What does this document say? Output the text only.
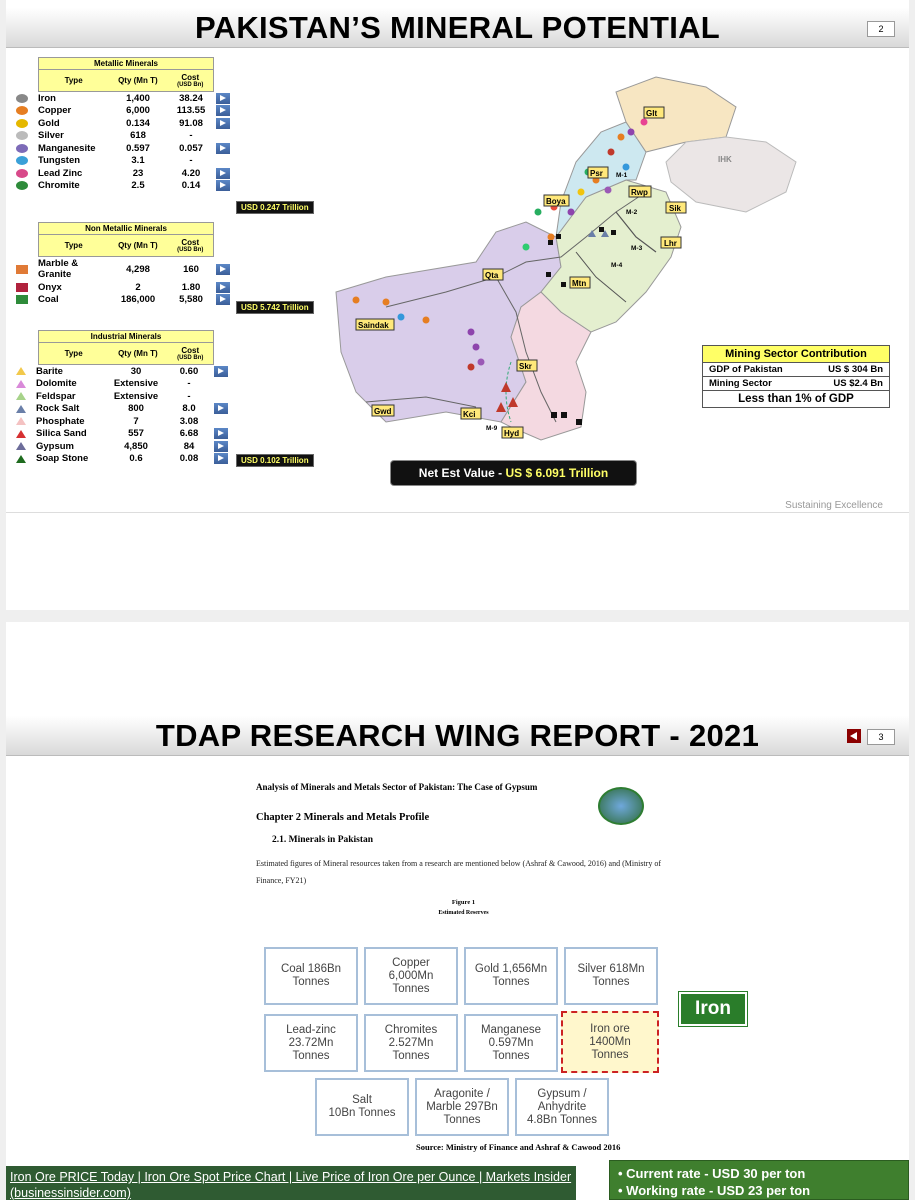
PAKISTAN’S MINERAL POTENTIAL	2
Metallic Minerals
Type	Qty (Mn T)	Cost
(USD Bn)
Iron	1,400	38.24
Copper	6,000	113.55
Gold	0.134	91.08
Silver	618	-
Manganesite	0.597	0.057
Tungsten	3.1	-
Lead Zinc	23	4.20
Chromite	2.5	0.14
USD 0.247 Trillion
Non Metallic Minerals
Type	Qty (Mn T)	Cost
(USD Bn)
Marble &
Granite	4,298	160
Onyx	2	1.80
Coal	186,000	5,580
USD 5.742 Trillion
Industrial Minerals
Type	Qty (Mn T)	Cost
(USD Bn)
Barite	30	0.60
Dolomite	Extensive	-
Feldspar	Extensive	-
Rock Salt	800	8.0
Phosphate	7	3.08
Silica Sand	557	6.68
Gypsum	4,850	84
Soap Stone	0.6	0.08	USD 0.102 Trillion
IHK
Glt
Psr
Rwp
Boya
Sik
Lhr
Qta
Mtn
Saindak
Skr
Gwd	Kci
Hyd
M-1
M-2
M-3
M-4
M-9
Mining Sector Contribution
GDP of Pakistan	US $ 304 Bn
Mining Sector	US $2.4 Bn
Less than 1% of GDP
Net Est Value - US $ 6.091 Trillion
Sustaining Excellence
TDAP RESEARCH WING REPORT - 2021	3
Analysis of Minerals and Metals Sector of Pakistan: The Case of Gypsum
Chapter 2 Minerals and Metals Profile
2.1. Minerals in Pakistan
Estimated figures of Mineral resources taken from a research are mentioned below (Ashraf & Cawood, 2016) and (Ministry of Finance, FY21)
Figure 1
Estimated Reserves
Coal 186Bn
Tonnes
Copper
6,000Mn
Tonnes
Gold 1,656Mn
Tonnes
Silver 618Mn
Tonnes
Lead-zinc
23.72Mn
Tonnes
Chromites
2.527Mn
Tonnes
Manganese
0.597Mn
Tonnes
Iron ore
1400Mn
Tonnes
Salt
10Bn Tonnes
Aragonite /
Marble 297Bn
Tonnes
Gypsum /
Anhydrite
4.8Bn Tonnes
Iron
Source: Ministry of Finance and Ashraf & Cawood 2016
Iron Ore PRICE Today | Iron Ore Spot Price Chart | Live Price of Iron Ore per Ounce | Markets Insider (businessinsider.com)
• Current rate - USD 30 per ton
• Working rate - USD 23 per ton
